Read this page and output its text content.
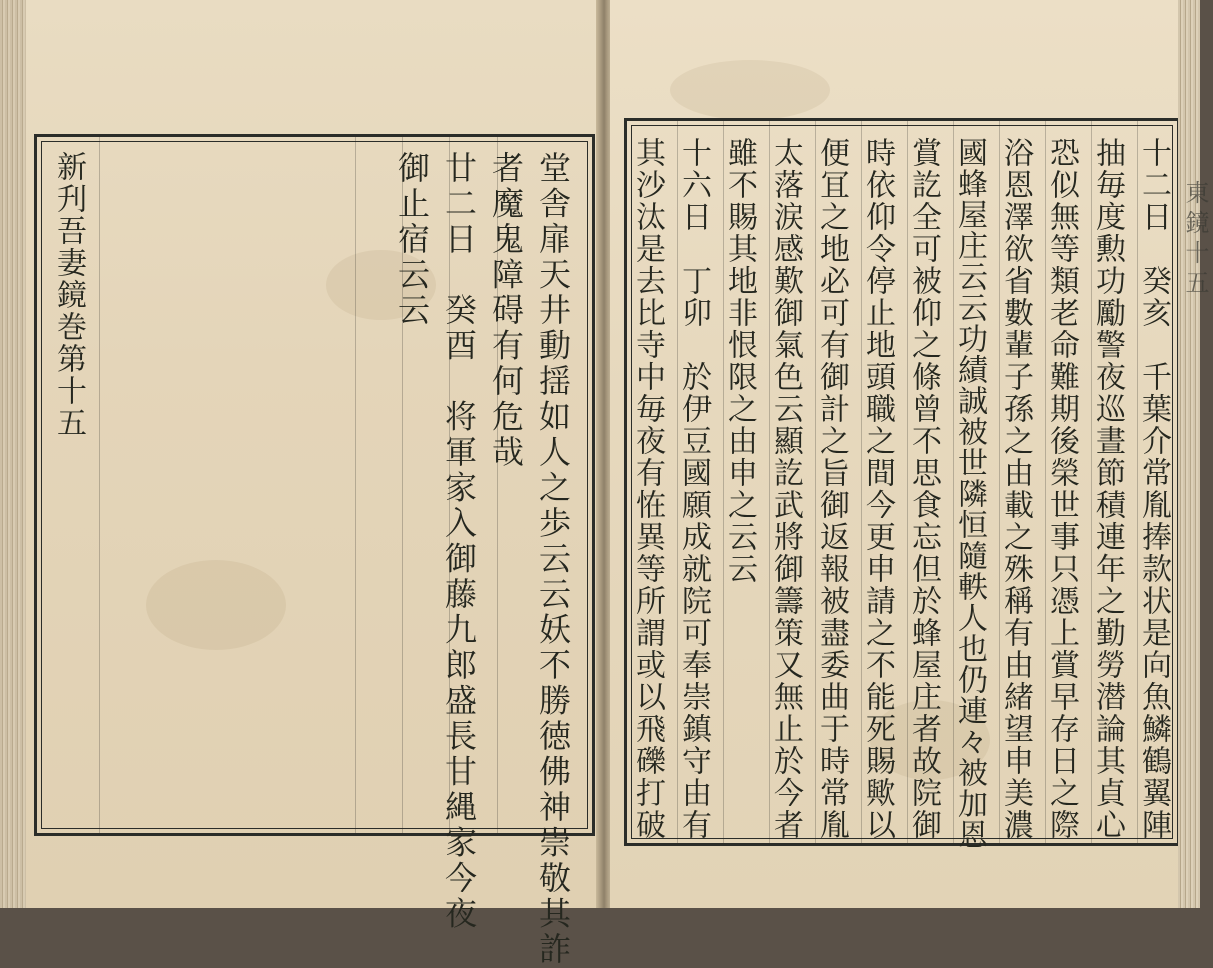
堂舎扉天井動揺如人之歩云云妖不勝徳佛神崇敬其詐
者魔鬼障碍有何危哉
廿二日　癸酉　将軍家入御藤九郎盛長甘縄家今夜
御止宿云云
新刋吾妻鏡巻第十五	十二日　癸亥　千葉介常胤捧款状是向魚鱗鶴翼陣
抽毎度勲功勵警夜巡晝節積連年之勤勞潜論其貞心
恐似無等類老命難期後榮世事只憑上賞早存日之際
浴恩澤欲省數輩子孫之由載之殊稱有由緒望申美濃
國蜂屋庄云云功績誠被世隣恒隨軼人也仍連々被加恩
賞訖全可被仰之條曾不思食忘但於蜂屋庄者故院御
時依仰令停止地頭職之間今更申請之不能死賜歟以
便冝之地必可有御計之旨御返報被盡委曲于時常胤
太落涙感歎御氣色云顯訖武將御籌策又無止於今者
雖不賜其地非恨限之由申之云云
十六日　丁卯　於伊豆國願成就院可奉崇鎮守由有
其沙汰是去比寺中毎夜有恠異等所謂或以飛礫打破	東鏡十五
